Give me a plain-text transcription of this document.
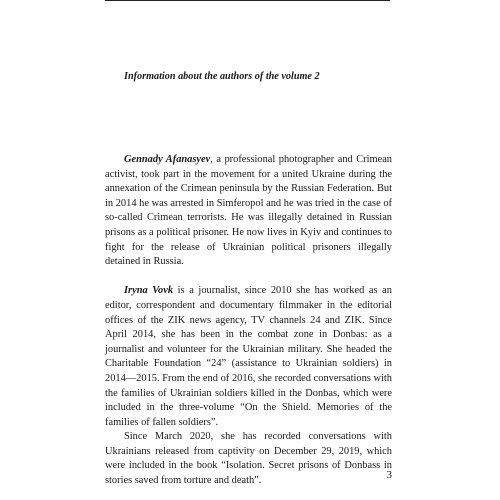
Information about the authors of the volume 2

Gennady Afanasyev, a professional photographer and Crimean activist, took part in the movement for a united Ukraine during the annexation of the Crimean peninsula by the Russian Federation. But in 2014 he was arrested in Simferopol and he was tried in the case of so-called Crimean terrorists. He was illegally detained in Russian prisons as a political prisoner. He now lives in Kyiv and continues to fight for the release of Ukrainian political prisoners illegally detained in Russia.

Iryna Vovk is a journalist, since 2010 she has worked as an editor, correspondent and documentary filmmaker in the editorial offices of the ZIK news agency, TV channels 24 and ZIK. Since April 2014, she has been in the combat zone in Donbas: as a journalist and volunteer for the Ukrainian military. She headed the Charitable Foundation “24” (assistance to Ukrainian soldiers) in 2014—2015. From the end of 2016, she recorded conversations with the families of Ukrainian soldiers killed in the Donbas, which were included in the three-volume “On the Shield. Memories of the families of fallen soldiers”.

Since March 2020, she has recorded conversations with Ukrainians released from captivity on December 29, 2019, which were included in the book “Isolation. Secret prisons of Donbass in stories saved from torture and death”.	3
